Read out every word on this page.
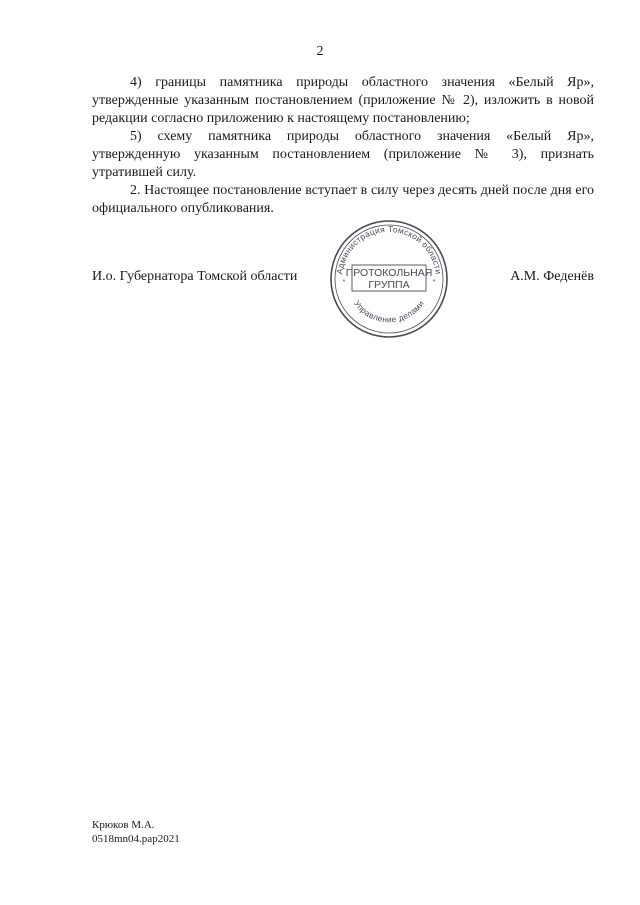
2

4) границы памятника природы областного значения «Белый Яр», утвержденные указанным постановлением (приложение № 2), изложить в новой редакции согласно приложению к настоящему постановлению;

5) схему памятника природы областного значения «Белый Яр», утвержденную указанным постановлением (приложение № 3), признать утратившей силу.

2. Настоящее постановление вступает в силу через десять дней после дня его официального опубликования.

И.о. Губернатора Томской области	А.М. Феденёв
Администрация Томской области
Управление делами
*	*
ПРОТОКОЛЬНАЯ
ГРУППА
Крюков М.А.
0518mn04.pap2021
